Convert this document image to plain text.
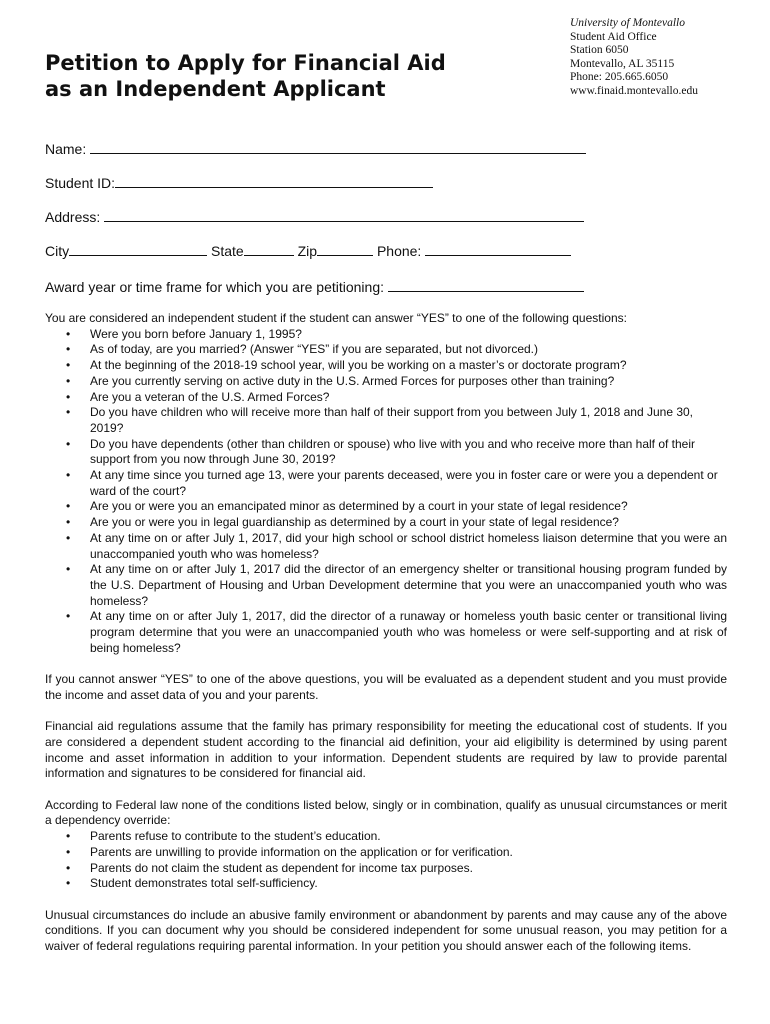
Petition to Apply for Financial Aid
as an Independent Applicant
University of Montevallo
Student Aid Office
Station 6050
Montevallo, AL 35115
Phone: 205.665.6050
www.finaid.montevallo.edu
Name:
Student ID:
Address:
City	State	Zip	Phone:
Award year or time frame for which you are petitioning:

You are considered an independent student if the student can answer “YES” to one of the following questions:

• Were you born before January 1, 1995?
• As of today, are you married? (Answer “YES” if you are separated, but not divorced.)
• At the beginning of the 2018-19 school year, will you be working on a master’s or doctorate program?
• Are you currently serving on active duty in the U.S. Armed Forces for purposes other than training?
• Are you a veteran of the U.S. Armed Forces?
• Do you have children who will receive more than half of their support from you between July 1, 2018 and June 30, 2019?
• Do you have dependents (other than children or spouse) who live with you and who receive more than half of their support from you now through June 30, 2019?
• At any time since you turned age 13, were your parents deceased, were you in foster care or were you a dependent or ward of the court?
• Are you or were you an emancipated minor as determined by a court in your state of legal residence?
• Are you or were you in legal guardianship as determined by a court in your state of legal residence?
• At any time on or after July 1, 2017, did your high school or school district homeless liaison determine that you were an unaccompanied youth who was homeless?
• At any time on or after July 1, 2017 did the director of an emergency shelter or transitional housing program funded by the U.S. Department of Housing and Urban Development determine that you were an unaccompanied youth who was homeless?
• At any time on or after July 1, 2017, did the director of a runaway or homeless youth basic center or transitional living program determine that you were an unaccompanied youth who was homeless or were self-supporting and at risk of being homeless?

If you cannot answer “YES” to one of the above questions, you will be evaluated as a dependent student and you must provide the income and asset data of you and your parents.

Financial aid regulations assume that the family has primary responsibility for meeting the educational cost of students. If you are considered a dependent student according to the financial aid definition, your aid eligibility is determined by using parent income and asset information in addition to your information. Dependent students are required by law to provide parental information and signatures to be considered for financial aid.

According to Federal law none of the conditions listed below, singly or in combination, qualify as unusual circumstances or merit a dependency override:

• Parents refuse to contribute to the student’s education.
• Parents are unwilling to provide information on the application or for verification.
• Parents do not claim the student as dependent for income tax purposes.
• Student demonstrates total self-sufficiency.

Unusual circumstances do include an abusive family environment or abandonment by parents and may cause any of the above conditions. If you can document why you should be considered independent for some unusual reason, you may petition for a waiver of federal regulations requiring parental information. In your petition you should answer each of the following items.
